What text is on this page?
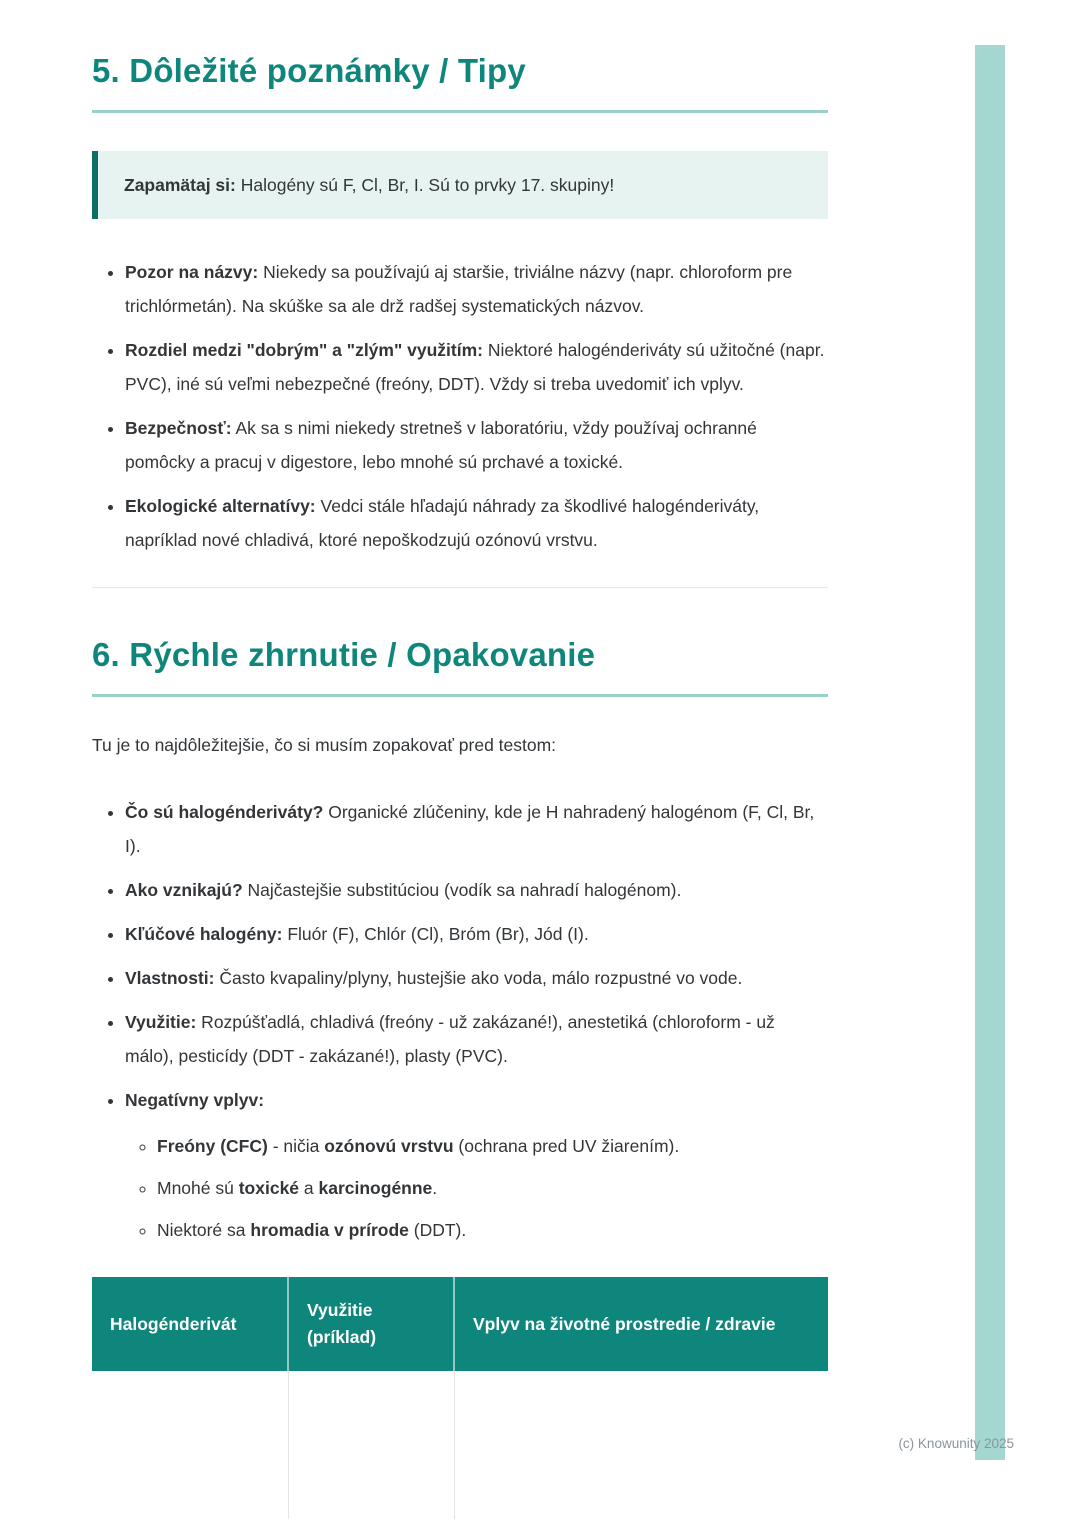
5. Dôležité poznámky / Tipy

Zapamätaj si: Halogény sú F, Cl, Br, I. Sú to prvky 17. skupiny!

• Pozor na názvy: Niekedy sa používajú aj staršie, triviálne názvy (napr. chloroform pre trichlórmetán). Na skúške sa ale drž radšej systematických názvov.
• Rozdiel medzi "dobrým" a "zlým" využitím: Niektoré halogénderiváty sú užitočné (napr. PVC), iné sú veľmi nebezpečné (freóny, DDT). Vždy si treba uvedomiť ich vplyv.
• Bezpečnosť: Ak sa s nimi niekedy stretneš v laboratóriu, vždy používaj ochranné pomôcky a pracuj v digestore, lebo mnohé sú prchavé a toxické.
• Ekologické alternatívy: Vedci stále hľadajú náhrady za škodlivé halogénderiváty, napríklad nové chladivá, ktoré nepoškodzujú ozónovú vrstvu.
6. Rýchle zhrnutie / Opakovanie

Tu je to najdôležitejšie, čo si musím zopakovať pred testom:

• Čo sú halogénderiváty? Organické zlúčeniny, kde je H nahradený halogénom (F, Cl, Br, I).
• Ako vznikajú? Najčastejšie substitúciou (vodík sa nahradí halogénom).
• Kľúčové halogény: Fluór (F), Chlór (Cl), Bróm (Br), Jód (I).
• Vlastnosti: Často kvapaliny/plyny, hustejšie ako voda, málo rozpustné vo vode.
• Využitie: Rozpúšťadlá, chladivá (freóny - už zakázané!), anestetiká (chloroform - už málo), pesticídy (DDT - zakázané!), plasty (PVC).
• Negatívny vplyv:
◦ Freóny (CFC) - ničia ozónovú vrstvu (ochrana pred UV žiarením).
◦ Mnohé sú toxické a karcinogénne.
◦ Niektoré sa hromadia v prírode (DDT).
Halogénderivát	Využitie (príklad)	Vplyv na životné prostredie / zdravie

(c) Knowunity 2025
